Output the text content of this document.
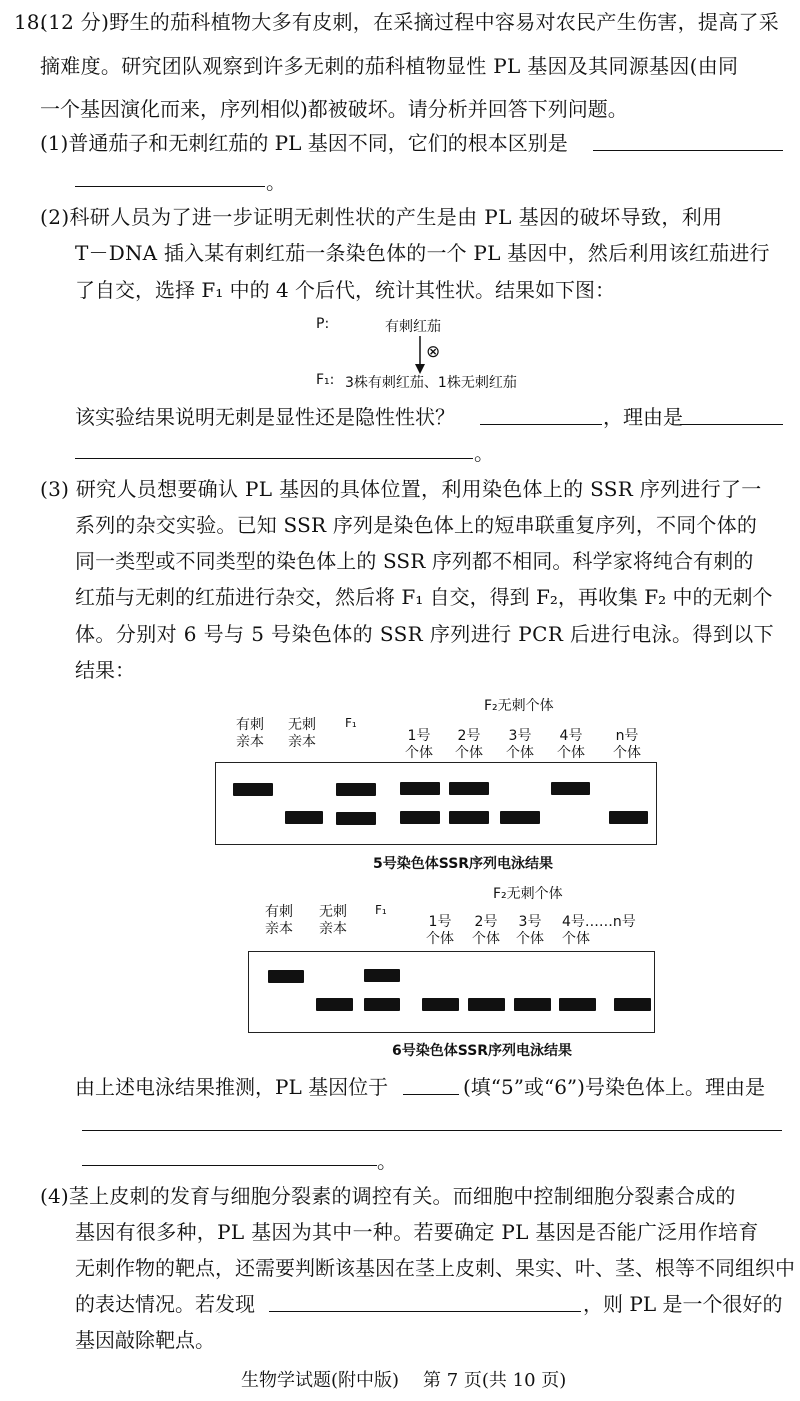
18.
(12 分)野生的茄科植物大多有皮刺，在采摘过程中容易对农民产生伤害，提高了采
摘难度。研究团队观察到许多无刺的茄科植物显性 PL 基因及其同源基因(由同
一个基因演化而来，序列相似)都被破坏。请分析并回答下列问题。
(1)普通茄子和无刺红茄的 PL 基因不同，它们的根本区别是
。
(2)科研人员为了进一步证明无刺性状的产生是由 PL 基因的破坏导致，利用
T－DNA 插入某有刺红茄一条染色体的一个 PL 基因中，然后利用该红茄进行
了自交，选择 F₁ 中的 4 个后代，统计其性状。结果如下图：
P:	有刺红茄
⊗
F₁: 3株有刺红茄、1株无刺红茄
该实验结果说明无刺是显性还是隐性性状？	，理由是
。
(3) 研究人员想要确认 PL 基因的具体位置，利用染色体上的 SSR 序列进行了一
系列的杂交实验。已知 SSR 序列是染色体上的短串联重复序列，不同个体的
同一类型或不同类型的染色体上的 SSR 序列都不相同。科学家将纯合有刺的
红茄与无刺的红茄进行杂交，然后将 F₁ 自交，得到 F₂，再收集 F₂ 中的无刺个
体。分别对 6 号与 5 号染色体的 SSR 序列进行 PCR 后进行电泳。得到以下
结果：
F₂无刺个体
有刺
亲本
无刺
亲本
F₁
1号
个体
2号
个体
3号
个体
4号
个体
n号
个体
5号染色体SSR序列电泳结果
F₂无刺个体
有刺
亲本
无刺
亲本
F₁
1号
个体
2号
个体
3号
个体
4号……n号
个体
6号染色体SSR序列电泳结果
由上述电泳结果推测，PL 基因位于	(填“5”或“6”)号染色体上。理由是
。
(4)茎上皮刺的发育与细胞分裂素的调控有关。而细胞中控制细胞分裂素合成的
基因有很多种，PL 基因为其中一种。若要确定 PL 基因是否能广泛用作培育
无刺作物的靶点，还需要判断该基因在茎上皮刺、果实、叶、茎、根等不同组织中
的表达情况。若发现	，则 PL 是一个很好的
基因敲除靶点。
生物学试题(附中版) 第 7 页(共 10 页)
